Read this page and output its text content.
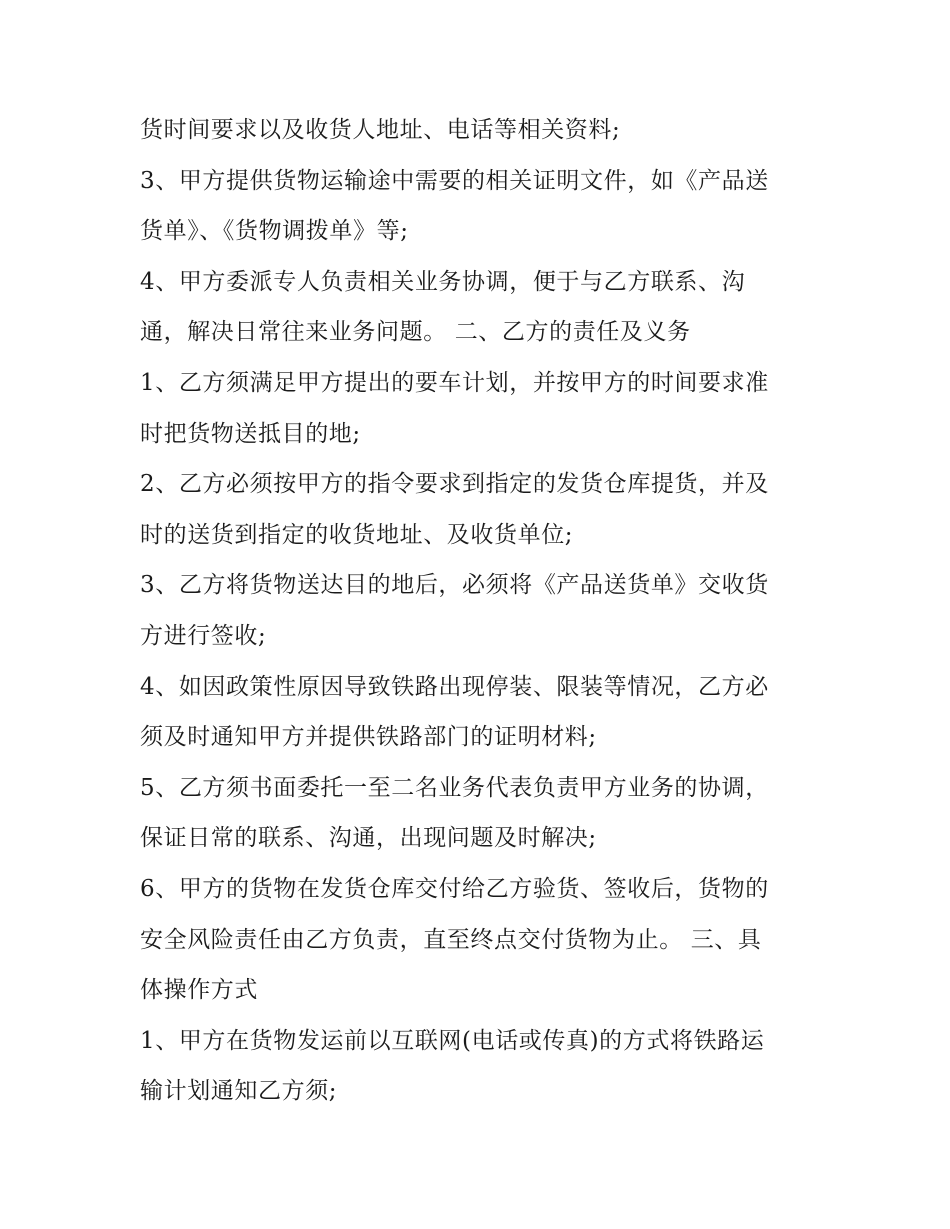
货时间要求以及收货人地址、电话等相关资料;
3、甲方提供货物运输途中需要的相关证明文件，如《产品送
货单》、《货物调拨单》等;
4、甲方委派专人负责相关业务协调，便于与乙方联系、沟
通，解决日常往来业务问题。 二、乙方的责任及义务
1、乙方须满足甲方提出的要车计划，并按甲方的时间要求准
时把货物送抵目的地;
2、乙方必须按甲方的指令要求到指定的发货仓库提货，并及
时的送货到指定的收货地址、及收货单位;
3、乙方将货物送达目的地后，必须将《产品送货单》交收货
方进行签收;
4、如因政策性原因导致铁路出现停装、限装等情况，乙方必
须及时通知甲方并提供铁路部门的证明材料;
5、乙方须书面委托一至二名业务代表负责甲方业务的协调，
保证日常的联系、沟通，出现问题及时解决;
6、甲方的货物在发货仓库交付给乙方验货、签收后，货物的
安全风险责任由乙方负责，直至终点交付货物为止。 三、具
体操作方式
1、甲方在货物发运前以互联网(电话或传真)的方式将铁路运
输计划通知乙方须;
